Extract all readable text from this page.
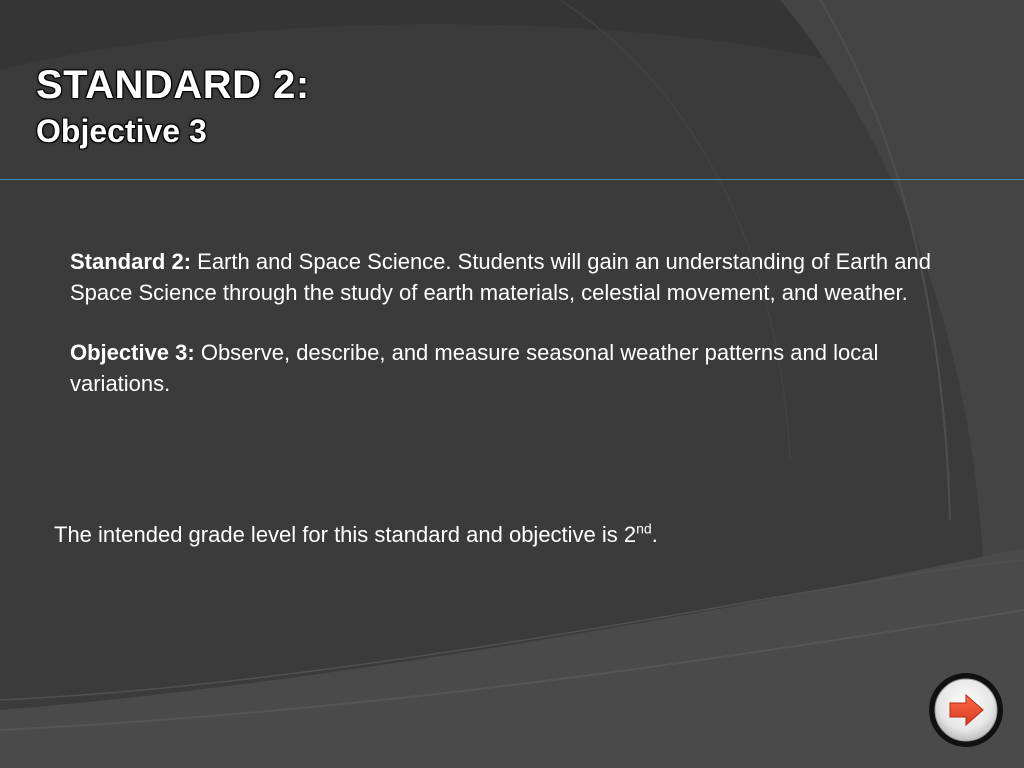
STANDARD 2:
Objective 3

Standard 2: Earth and Space Science. Students will gain an understanding of Earth and Space Science through the study of earth materials, celestial movement, and weather.

Objective 3: Observe, describe, and measure seasonal weather patterns and local variations.

The intended grade level for this standard and objective is 2nd.
